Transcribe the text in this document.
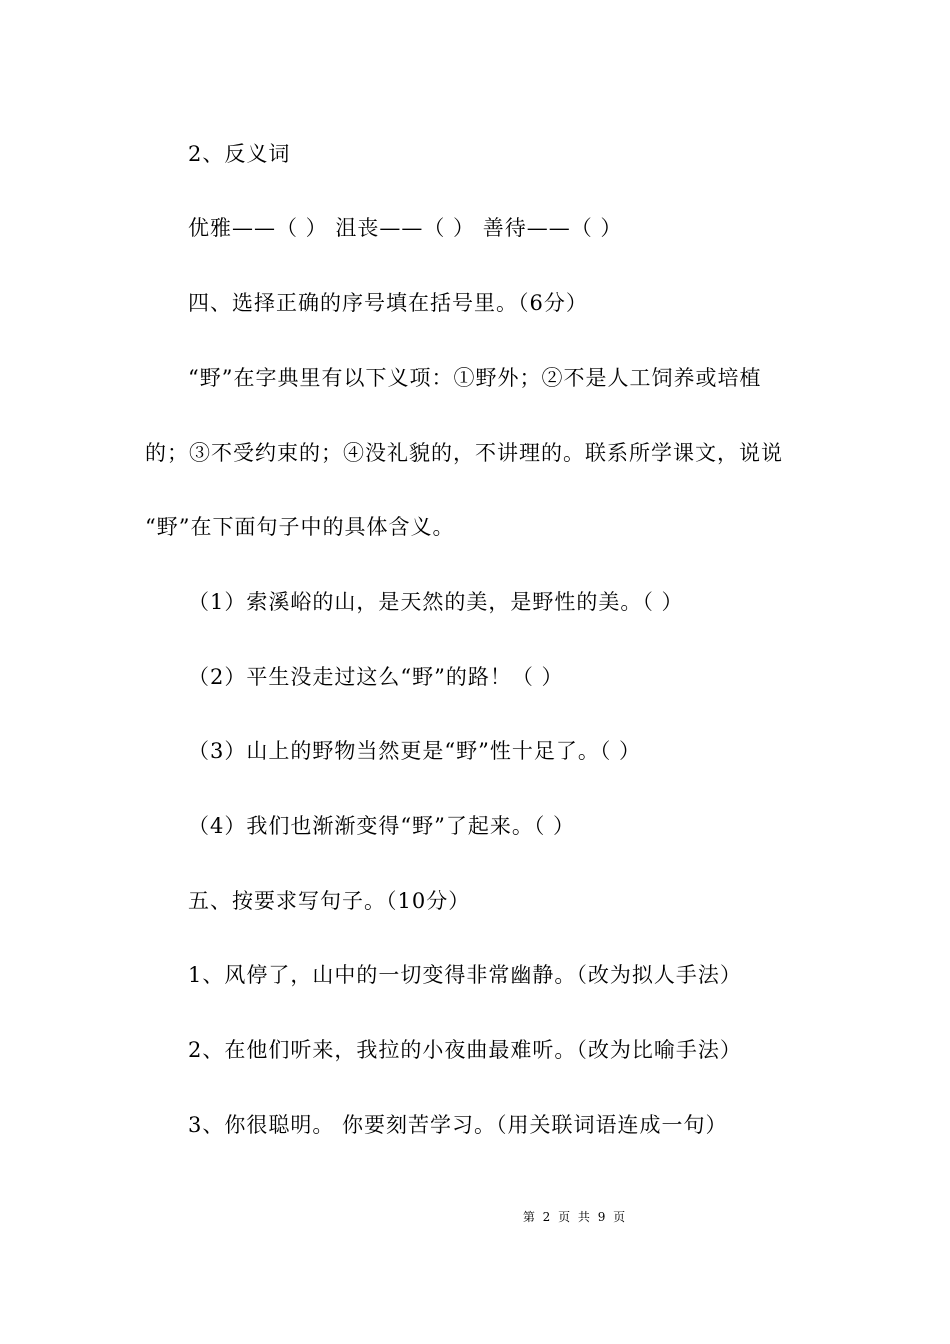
2、反义词
优雅——（ ） 沮丧——（ ） 善待——（ ）
四、选择正确的序号填在括号里。（6分）
“野”在字典里有以下义项：①野外；②不是人工饲养或培植
的；③不受约束的；④没礼貌的，不讲理的。联系所学课文，说说
“野”在下面句子中的具体含义。
（1）索溪峪的山，是天然的美，是野性的美。（ ）
（2）平生没走过这么“野”的路！（ ）
（3）山上的野物当然更是“野”性十足了。（ ）
（4）我们也渐渐变得“野”了起来。（ ）
五、按要求写句子。（10分）
1、风停了，山中的一切变得非常幽静。（改为拟人手法）
2、在他们听来，我拉的小夜曲最难听。（改为比喻手法）
3、你很聪明。 你要刻苦学习。（用关联词语连成一句）
第 2 页 共 9 页
